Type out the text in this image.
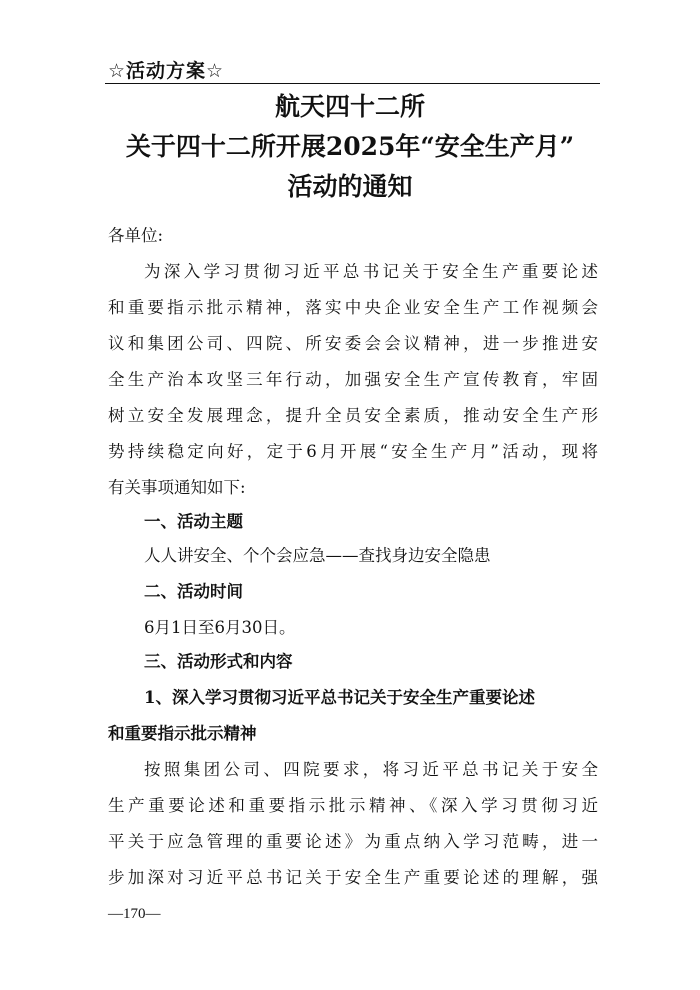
☆活动方案☆
航天四十二所
关于四十二所开展2025年“安全生产月”
活动的通知
各单位:
为深入学习贯彻习近平总书记关于安全生产重要论述
和重要指示批示精神，落实中央企业安全生产工作视频会
议和集团公司、四院、所安委会会议精神，进一步推进安
全生产治本攻坚三年行动，加强安全生产宣传教育，牢固
树立安全发展理念，提升全员安全素质，推动安全生产形
势持续稳定向好，定于6月开展“安全生产月”活动，现将
有关事项通知如下:
一、活动主题
人人讲安全、个个会应急——查找身边安全隐患
二、活动时间
6月1日至6月30日。
三、活动形式和内容
1、深入学习贯彻习近平总书记关于安全生产重要论述
和重要指示批示精神
按照集团公司、四院要求，将习近平总书记关于安全
生产重要论述和重要指示批示精神、《深入学习贯彻习近
平关于应急管理的重要论述》为重点纳入学习范畴，进一
步加深对习近平总书记关于安全生产重要论述的理解，强
—170—
